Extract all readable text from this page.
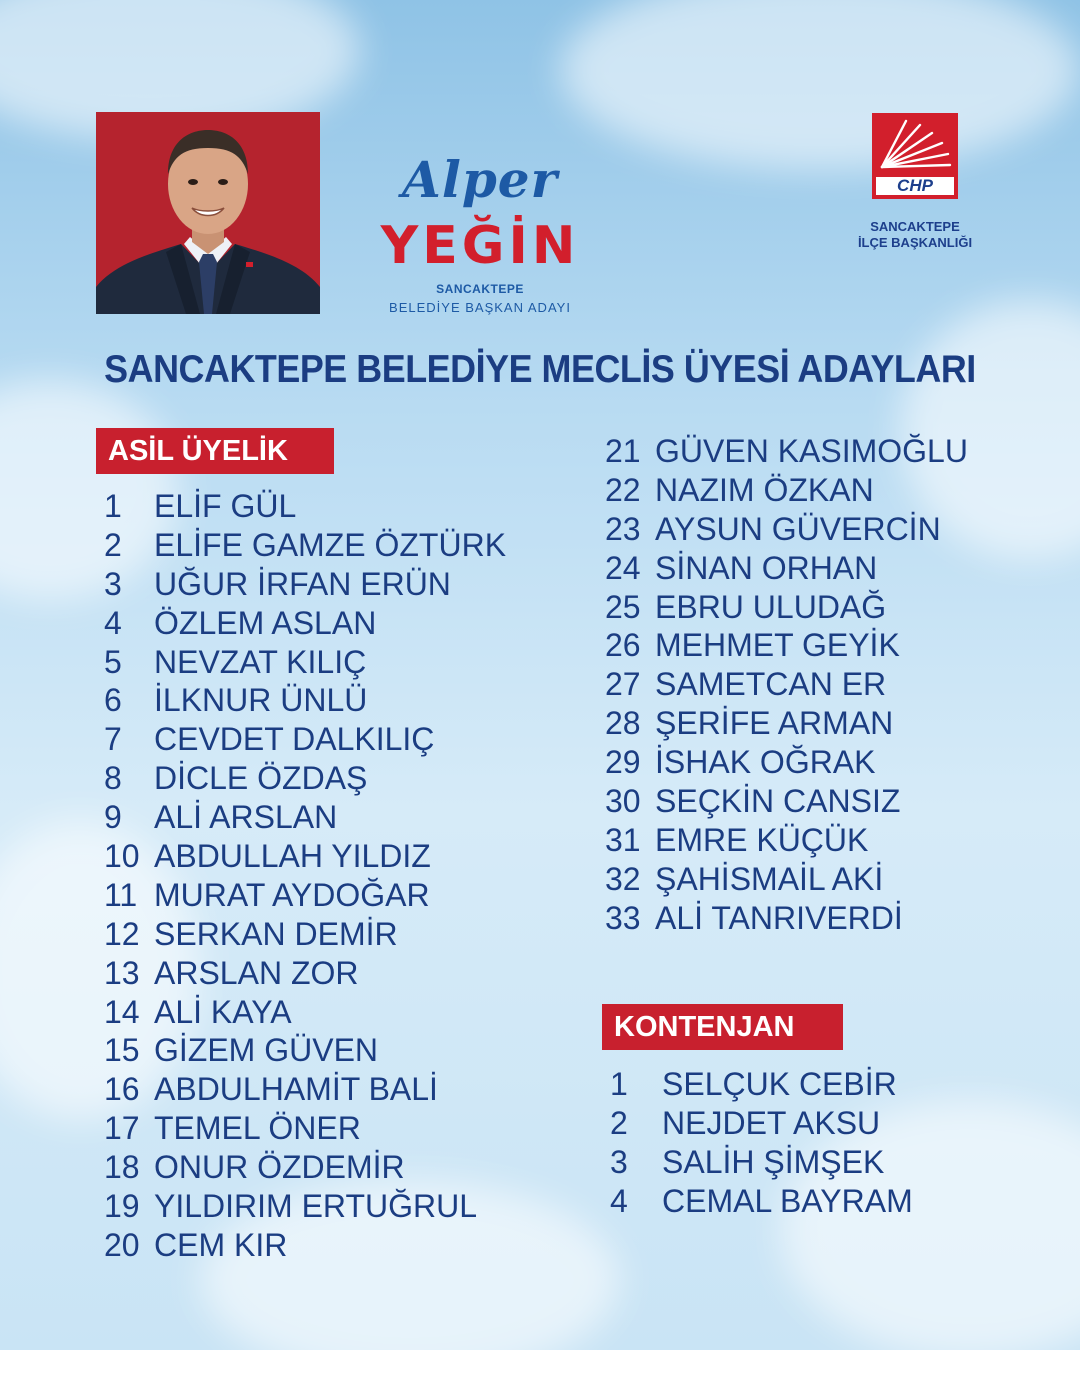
Alper
YEĞİN
SANCAKTEPE
BELEDİYE BAŞKAN ADAYI
CHP
SANCAKTEPE
İLÇE BAŞKANLIĞI
SANCAKTEPE BELEDİYE MECLİS ÜYESİ ADAYLARI
ASİL ÜYELİK
KONTENJAN
1	ELİF GÜL
2	ELİFE GAMZE ÖZTÜRK
3	UĞUR İRFAN ERÜN
4	ÖZLEM ASLAN
5	NEVZAT KILIÇ
6	İLKNUR ÜNLÜ
7	CEVDET DALKILIÇ
8	DİCLE ÖZDAŞ
9	ALİ ARSLAN
10 ABDULLAH YILDIZ
11 MURAT AYDOĞAR
12 SERKAN DEMİR
13 ARSLAN ZOR
14 ALİ KAYA
15 GİZEM GÜVEN
16 ABDULHAMİT BALİ
17 TEMEL ÖNER
18 ONUR ÖZDEMİR
19 YILDIRIM ERTUĞRUL
20 CEM KIR
21 GÜVEN KASIMOĞLU
22 NAZIM ÖZKAN
23 AYSUN GÜVERCİN
24 SİNAN ORHAN
25 EBRU ULUDAĞ
26 MEHMET GEYİK
27 SAMETCAN ER
28 ŞERİFE ARMAN
29 İSHAK OĞRAK
30 SEÇKİN CANSIZ
31 EMRE KÜÇÜK
32 ŞAHİSMAİL AKİ
33 ALİ TANRIVERDİ
1	SELÇUK CEBİR
2	NEJDET AKSU
3	SALİH ŞİMŞEK
4	CEMAL BAYRAM
